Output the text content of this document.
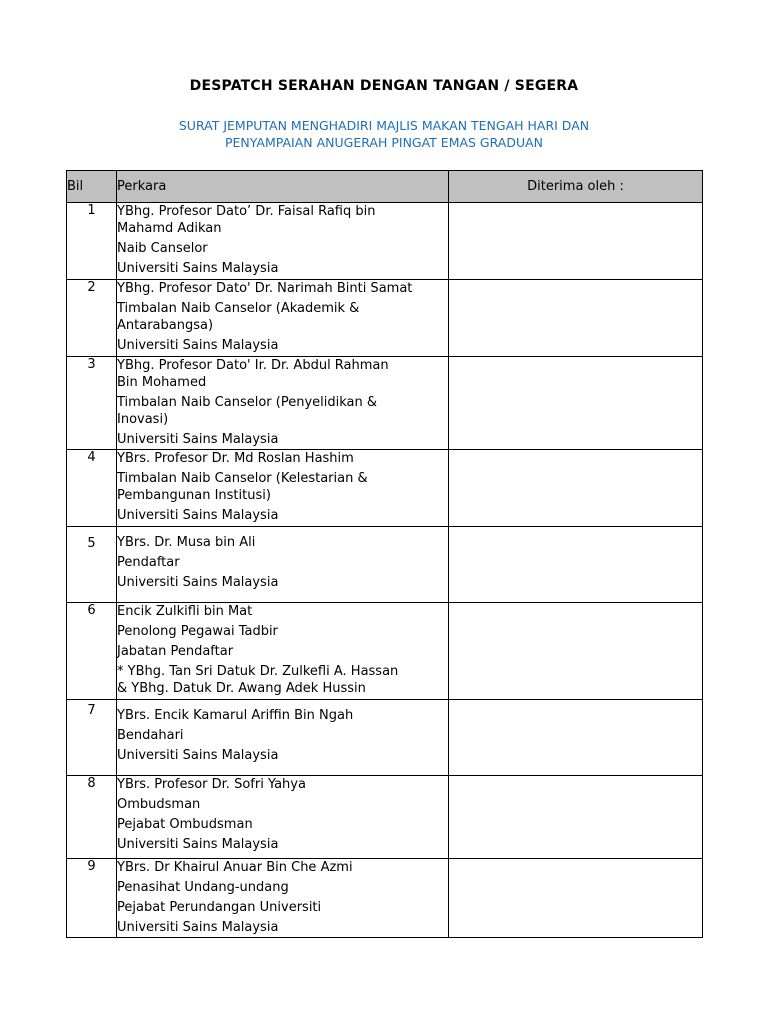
DESPATCH SERAHAN DENGAN TANGAN / SEGERA
SURAT JEMPUTAN MENGHADIRI MAJLIS MAKAN TENGAH HARI DAN
PENYAMPAIAN ANUGERAH PINGAT EMAS GRADUAN
Bil	Perkara	Diterima oleh :
1	YBhg. Profesor Dato’ Dr. Faisal Rafiq bin
Mahamd Adikan
Naib Canselor
Universiti Sains Malaysia	

2	YBhg. Profesor Dato' Dr. Narimah Binti Samat
Timbalan Naib Canselor (Akademik &
Antarabangsa)
Universiti Sains Malaysia	

3	YBhg. Profesor Dato' Ir. Dr. Abdul Rahman
Bin Mohamed
Timbalan Naib Canselor (Penyelidikan &
Inovasi)
Universiti Sains Malaysia	

4	YBrs. Profesor Dr. Md Roslan Hashim
Timbalan Naib Canselor (Kelestarian &
Pembangunan Institusi)
Universiti Sains Malaysia	

5	YBrs. Dr. Musa bin Ali
Pendaftar
Universiti Sains Malaysia	

6	Encik Zulkifli bin Mat
Penolong Pegawai Tadbir
Jabatan Pendaftar
* YBhg. Tan Sri Datuk Dr. Zulkefli A. Hassan
& YBhg. Datuk Dr. Awang Adek Hussin	

7	YBrs. Encik Kamarul Ariffin Bin Ngah
Bendahari
Universiti Sains Malaysia	

8	YBrs. Profesor Dr. Sofri Yahya
Ombudsman
Pejabat Ombudsman
Universiti Sains Malaysia	

9	YBrs. Dr Khairul Anuar Bin Che Azmi
Penasihat Undang-undang
Pejabat Perundangan Universiti
Universiti Sains Malaysia	
